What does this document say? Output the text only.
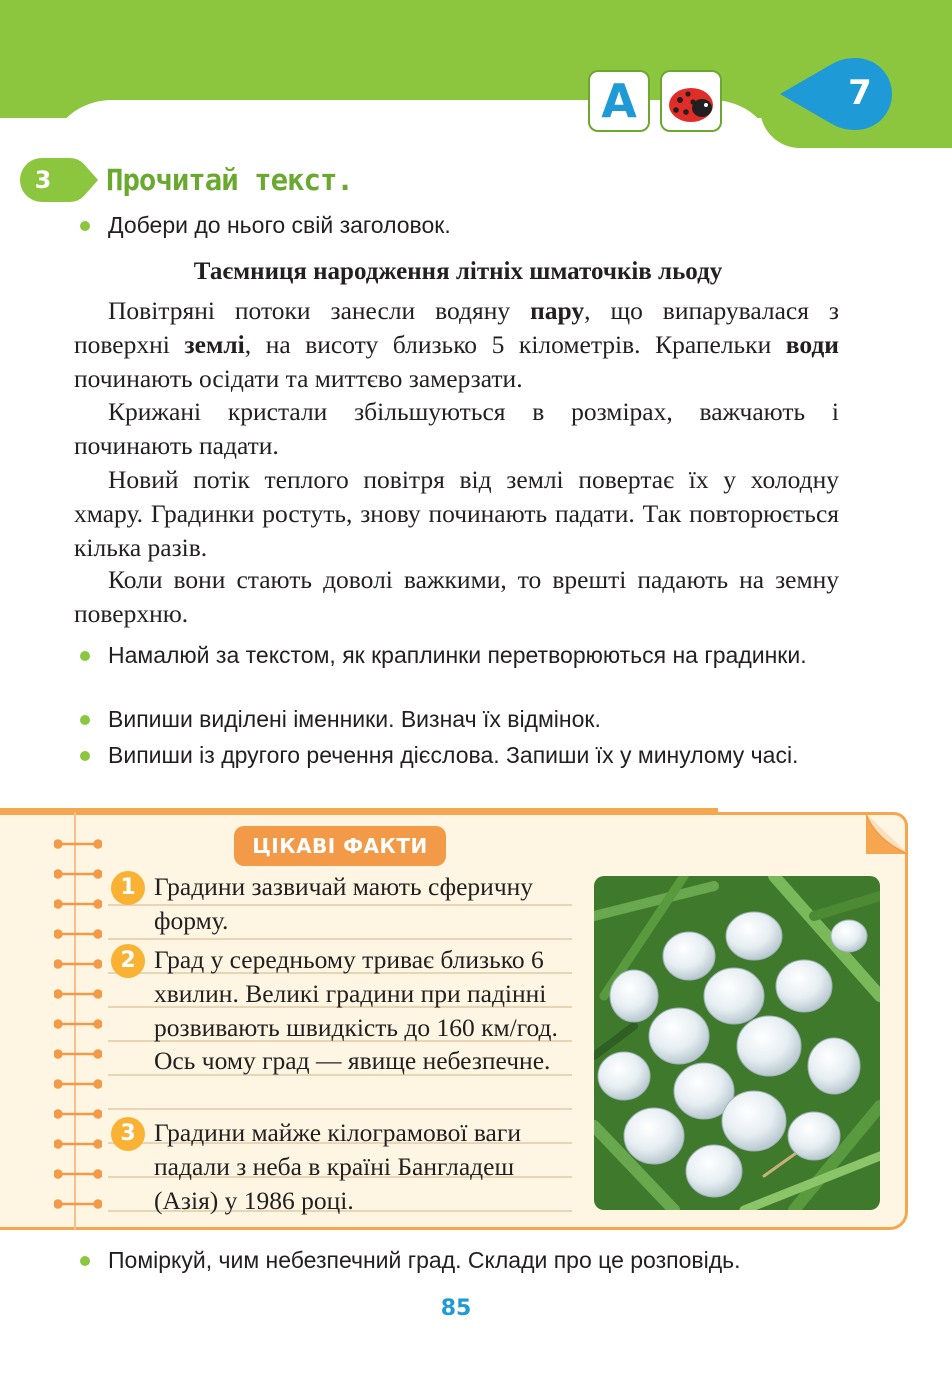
A	7
3 Прочитай текст.
Добери до нього свій заголовок.
Таємниця народження літніх шматочків льоду
Повітряні потоки занесли водяну пару, що випарувалася з поверхні землі, на висоту близько 5 кілометрів. Крапельки води починають осідати та миттєво замерзати.
Крижані кристали збільшуються в розмірах, важчають і починають падати.
Новий потік теплого повітря від землі повертає їх у холодну хмару. Градинки ростуть, знову починають падати. Так повторюється кілька разів.
Коли вони стають доволі важкими, то врешті падають на земну поверхню.
Намалюй за текстом, як краплинки перетворюються на градинки.
Випиши виділені іменники. Визнач їх відмінок.
Випиши із другого речення дієслова. Запиши їх у минулому часі.
ЦІКАВІ ФАКТИ
1 Градини зазвичай мають сферичну форму.
2 Град у середньому триває близько 6 хвилин. Великі градини при падінні розвивають швидкість до 160 км/год. Ось чому град — явище небезпечне.
3 Градини майже кілограмової ваги падали з неба в країні Бангладеш (Азія) у 1986 році.
Поміркуй, чим небезпечний град. Склади про це розповідь.
85
